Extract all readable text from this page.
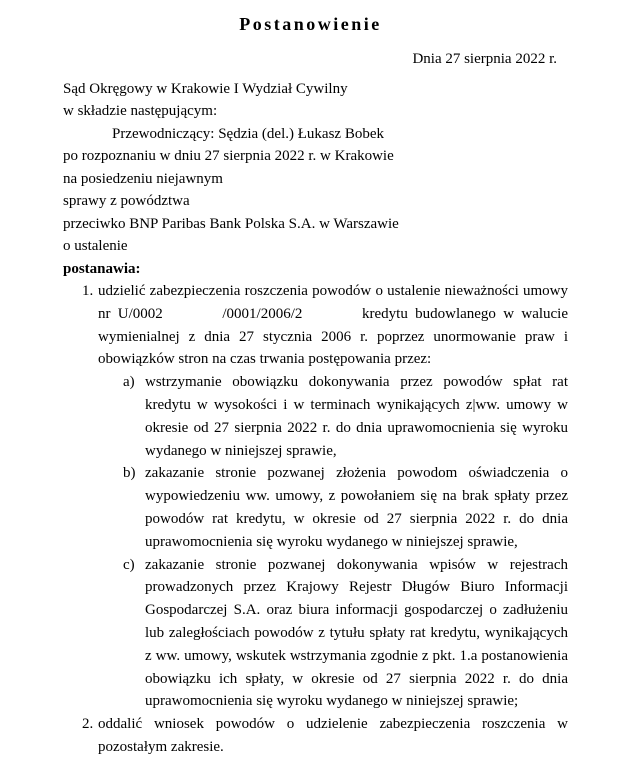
Postanowienie
Dnia 27 sierpnia 2022 r.
Sąd Okręgowy w Krakowie I Wydział Cywilny
w składzie następującym:
Przewodniczący: Sędzia (del.) Łukasz Bobek
po rozpoznaniu w dniu 27 sierpnia 2022 r. w Krakowie
na posiedzeniu niejawnym
sprawy z powództwa
przeciwko BNP Paribas Bank Polska S.A. w Warszawie
o ustalenie
postanawia:
1. udzielić zabezpieczenia roszczenia powodów o ustalenie nieważności umowy nr U/0002	/0001/2006/2	kredytu budowlanego w walucie wymienialnej z dnia 27 stycznia 2006 r. poprzez unormowanie praw i obowiązków stron na czas trwania postępowania przez:
a) wstrzymanie obowiązku dokonywania przez powodów spłat rat kredytu w wysokości i w terminach wynikających z|ww. umowy w okresie od 27 sierpnia 2022 r. do dnia uprawomocnienia się wyroku wydanego w niniejszej sprawie,
b) zakazanie stronie pozwanej złożenia powodom oświadczenia o wypowiedzeniu ww. umowy, z powołaniem się na brak spłaty przez powodów rat kredytu, w okresie od 27 sierpnia 2022 r. do dnia uprawomocnienia się wyroku wydanego w niniejszej sprawie,
c) zakazanie stronie pozwanej dokonywania wpisów w rejestrach prowadzonych przez Krajowy Rejestr Długów Biuro Informacji Gospodarczej S.A. oraz biura informacji gospodarczej o zadłużeniu lub zaległościach powodów z tytułu spłaty rat kredytu, wynikających z ww. umowy, wskutek wstrzymania zgodnie z pkt. 1.a postanowienia obowiązku ich spłaty, w okresie od 27 sierpnia 2022 r. do dnia uprawomocnienia się wyroku wydanego w niniejszej sprawie;
2. oddalić wniosek powodów o udzielenie zabezpieczenia roszczenia w pozostałym zakresie.
